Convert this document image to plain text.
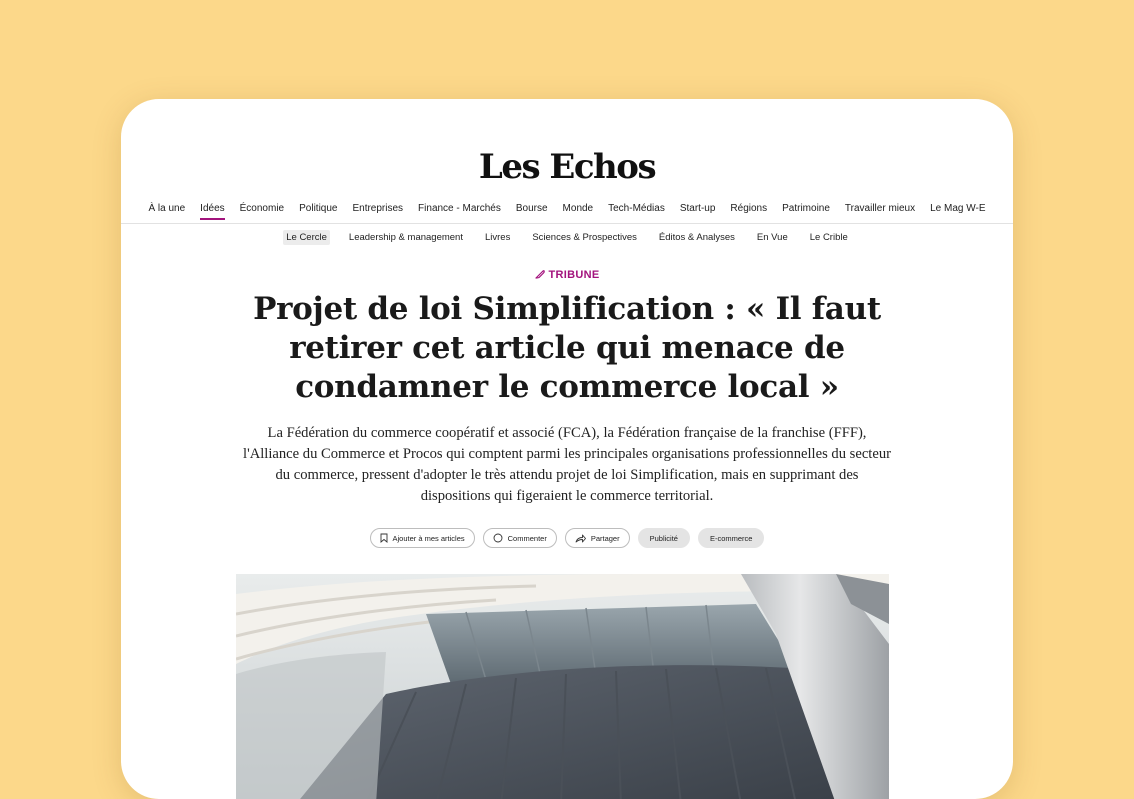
Les Echos
À la une Idées Économie Politique Entreprises Finance - Marchés Bourse Monde Tech-Médias Start-up Régions Patrimoine Travailler mieux Le Mag W-E
Le Cercle	Leadership & management	Livres	Sciences & Prospectives	Éditos & Analyses	En Vue	Le Crible
TRIBUNE
Projet de loi Simplification : « Il faut retirer cet article qui menace de condamner le commerce local »

La Fédération du commerce coopératif et associé (FCA), la Fédération française de la franchise (FFF), l'Alliance du Commerce et Procos qui comptent parmi les principales organisations professionnelles du secteur du commerce, pressent d'adopter le très attendu projet de loi Simplification, mais en supprimant des dispositions qui figeraient le commerce territorial.

Ajouter à mes articles	Commenter	Partager	Publicité	E-commerce
